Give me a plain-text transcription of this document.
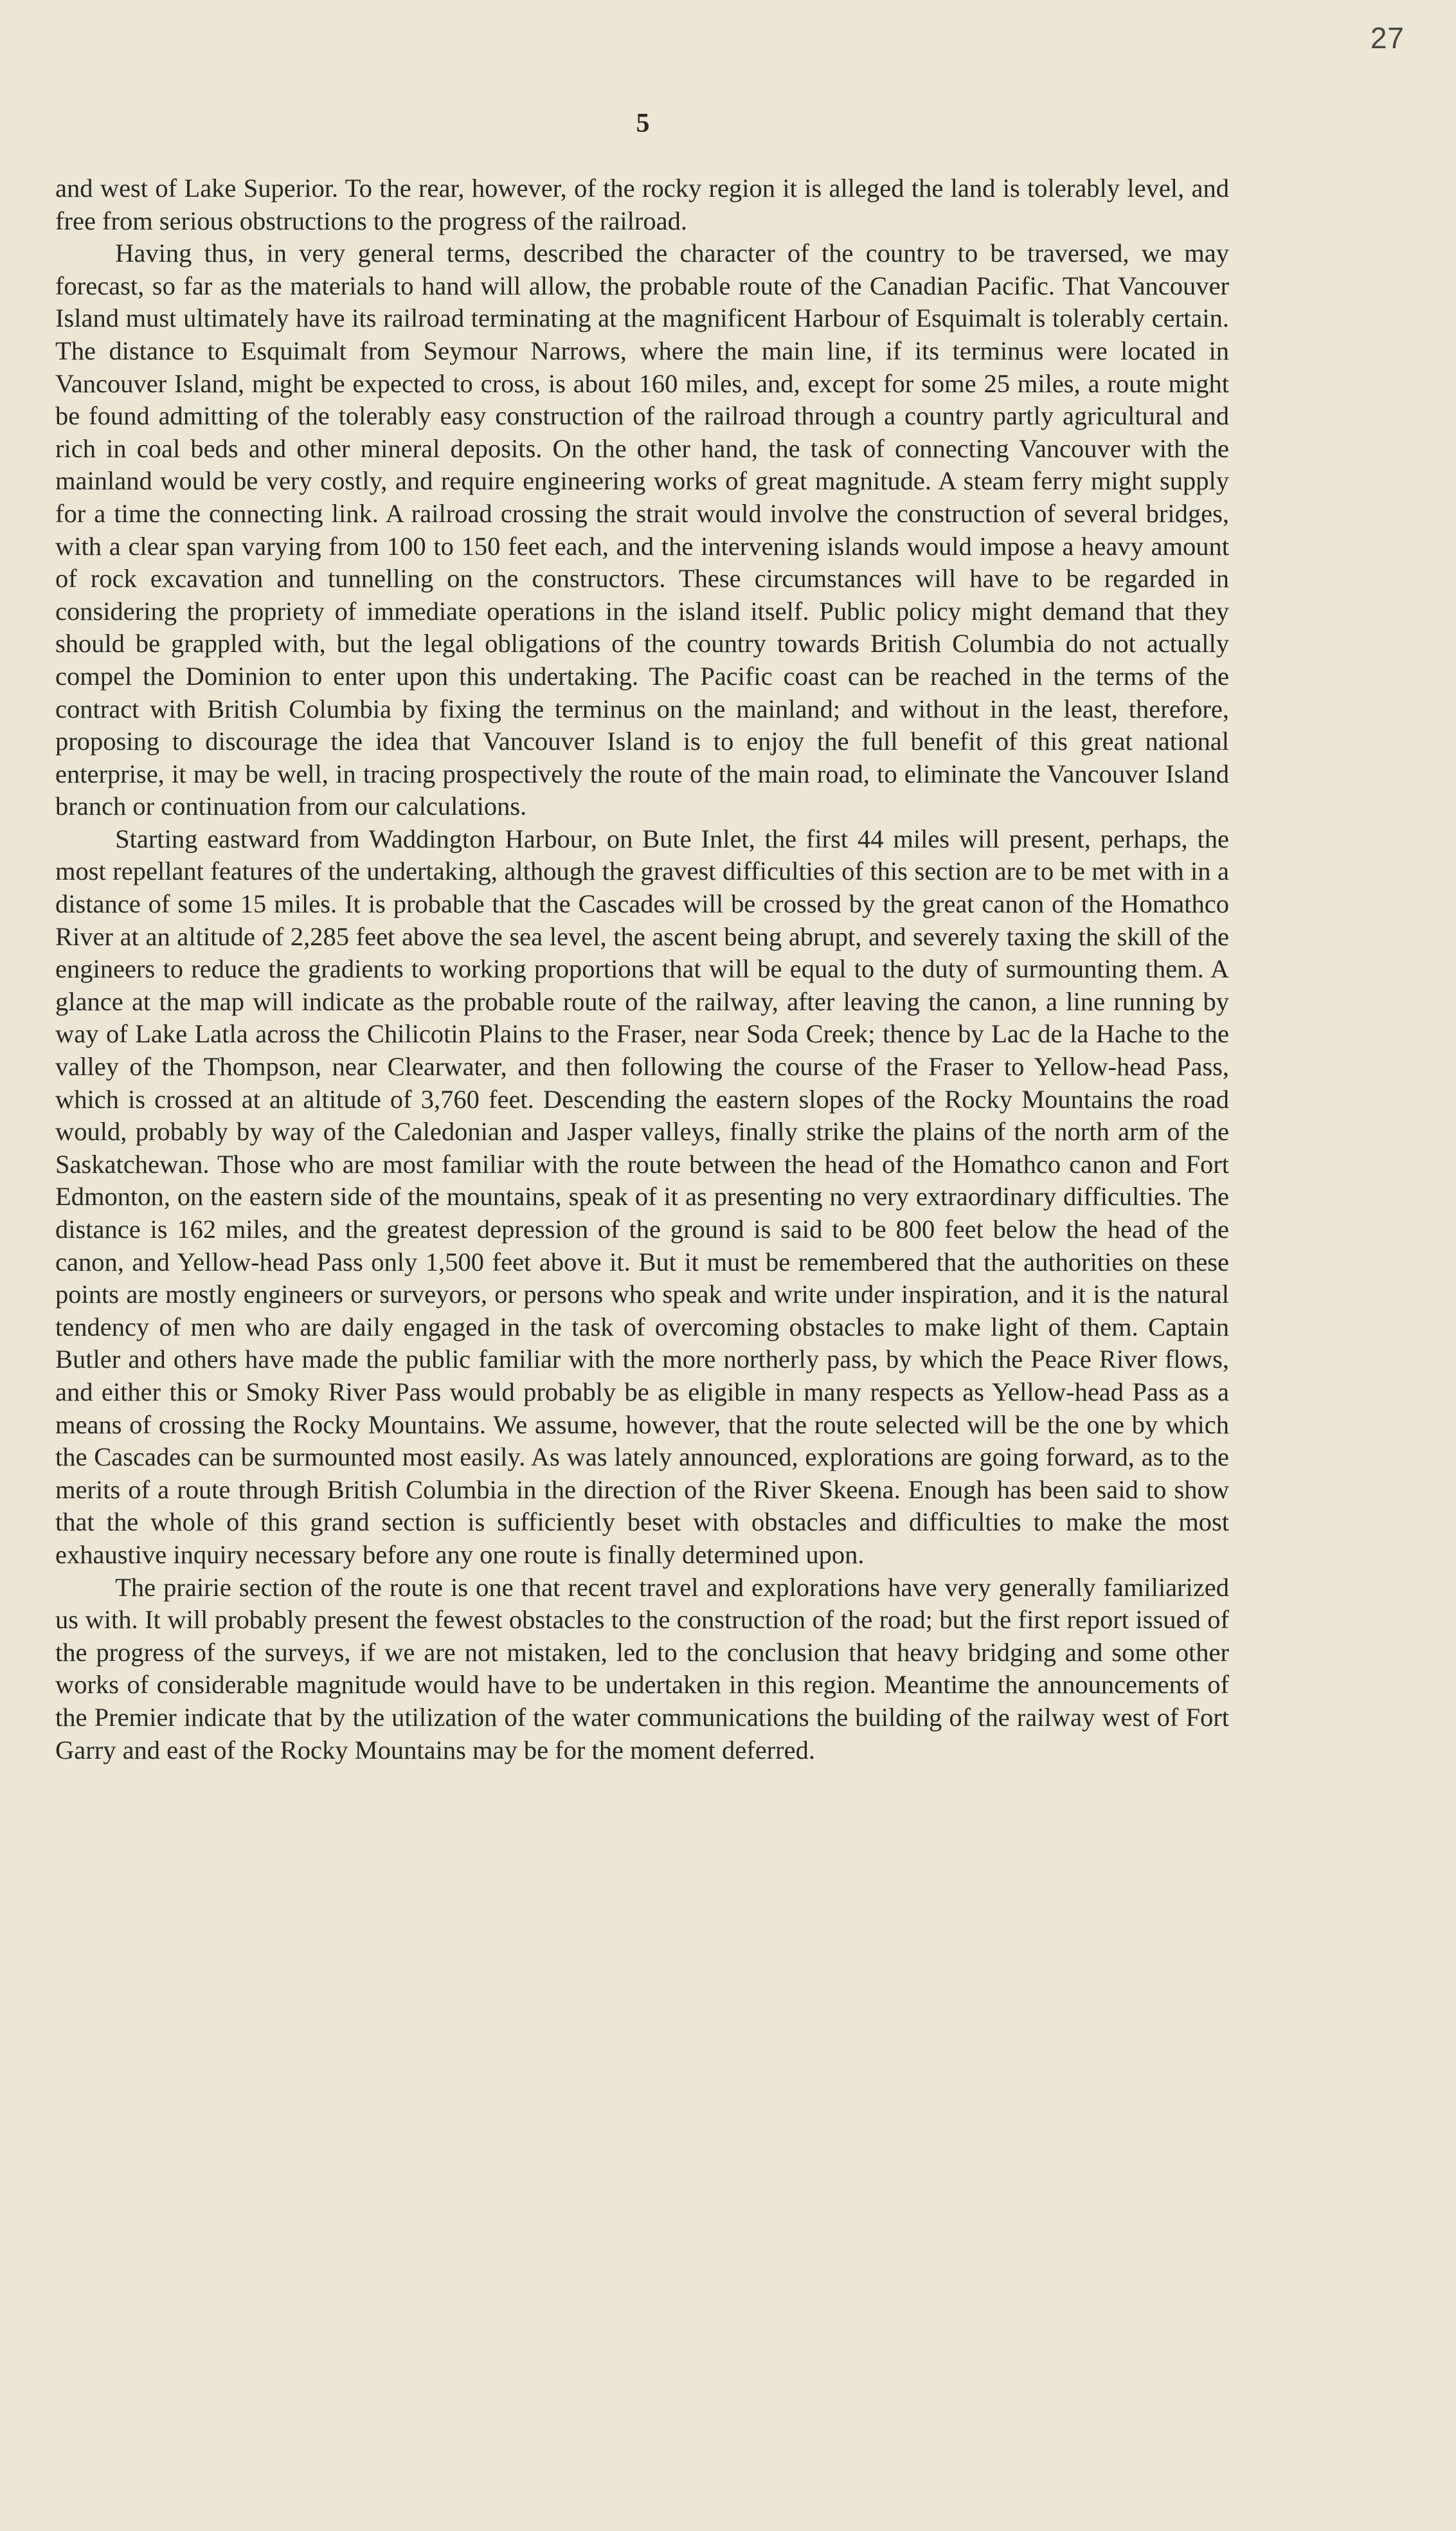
27
5

and west of Lake Superior. To the rear, however, of the rocky region it is alleged the land is tolerably level, and free from serious obstructions to the progress of the railroad.

Having thus, in very general terms, described the character of the country to be traversed, we may forecast, so far as the materials to hand will allow, the probable route of the Canadian Pacific. That Vancouver Island must ultimately have its railroad terminating at the magnificent Harbour of Esquimalt is tolerably certain. The distance to Esquimalt from Seymour Narrows, where the main line, if its terminus were located in Vancouver Island, might be expected to cross, is about 160 miles, and, except for some 25 miles, a route might be found admitting of the tolerably easy construction of the railroad through a country partly agricultural and rich in coal beds and other mineral deposits. On the other hand, the task of connecting Vancouver with the mainland would be very costly, and require engineering works of great magnitude. A steam ferry might supply for a time the connecting link. A railroad crossing the strait would involve the construction of several bridges, with a clear span varying from 100 to 150 feet each, and the intervening islands would impose a heavy amount of rock excavation and tunnelling on the constructors. These circumstances will have to be regarded in considering the propriety of immediate operations in the island itself. Public policy might demand that they should be grappled with, but the legal obligations of the country towards British Columbia do not actually compel the Dominion to enter upon this undertaking. The Pacific coast can be reached in the terms of the contract with British Columbia by fixing the terminus on the mainland; and without in the least, therefore, proposing to discourage the idea that Vancouver Island is to enjoy the full benefit of this great national enterprise, it may be well, in tracing prospectively the route of the main road, to eliminate the Vancouver Island branch or continuation from our calculations.

Starting eastward from Waddington Harbour, on Bute Inlet, the first 44 miles will present, perhaps, the most repellant features of the undertaking, although the gravest difficulties of this section are to be met with in a distance of some 15 miles. It is probable that the Cascades will be crossed by the great canon of the Homathco River at an altitude of 2,285 feet above the sea level, the ascent being abrupt, and severely taxing the skill of the engineers to reduce the gradients to working proportions that will be equal to the duty of surmounting them. A glance at the map will indicate as the probable route of the railway, after leaving the canon, a line running by way of Lake Latla across the Chilicotin Plains to the Fraser, near Soda Creek; thence by Lac de la Hache to the valley of the Thompson, near Clearwater, and then following the course of the Fraser to Yellow-head Pass, which is crossed at an altitude of 3,760 feet. Descending the eastern slopes of the Rocky Mountains the road would, probably by way of the Caledonian and Jasper valleys, finally strike the plains of the north arm of the Saskatchewan. Those who are most familiar with the route between the head of the Homathco canon and Fort Edmonton, on the eastern side of the mountains, speak of it as presenting no very extraordinary difficulties. The distance is 162 miles, and the greatest depression of the ground is said to be 800 feet below the head of the canon, and Yellow-head Pass only 1,500 feet above it. But it must be remembered that the authorities on these points are mostly engineers or surveyors, or persons who speak and write under inspiration, and it is the natural tendency of men who are daily engaged in the task of overcoming obstacles to make light of them. Captain Butler and others have made the public familiar with the more northerly pass, by which the Peace River flows, and either this or Smoky River Pass would probably be as eligible in many respects as Yellow-head Pass as a means of crossing the Rocky Mountains. We assume, however, that the route selected will be the one by which the Cascades can be surmounted most easily. As was lately announced, explorations are going forward, as to the merits of a route through British Columbia in the direction of the River Skeena. Enough has been said to show that the whole of this grand section is sufficiently beset with obstacles and difficulties to make the most exhaustive inquiry necessary before any one route is finally determined upon.

The prairie section of the route is one that recent travel and explorations have very generally familiarized us with. It will probably present the fewest obstacles to the construction of the road; but the first report issued of the progress of the surveys, if we are not mistaken, led to the conclusion that heavy bridging and some other works of considerable magnitude would have to be undertaken in this region. Meantime the announcements of the Premier indicate that by the utilization of the water communications the building of the railway west of Fort Garry and east of the Rocky Mountains may be for the moment deferred.
